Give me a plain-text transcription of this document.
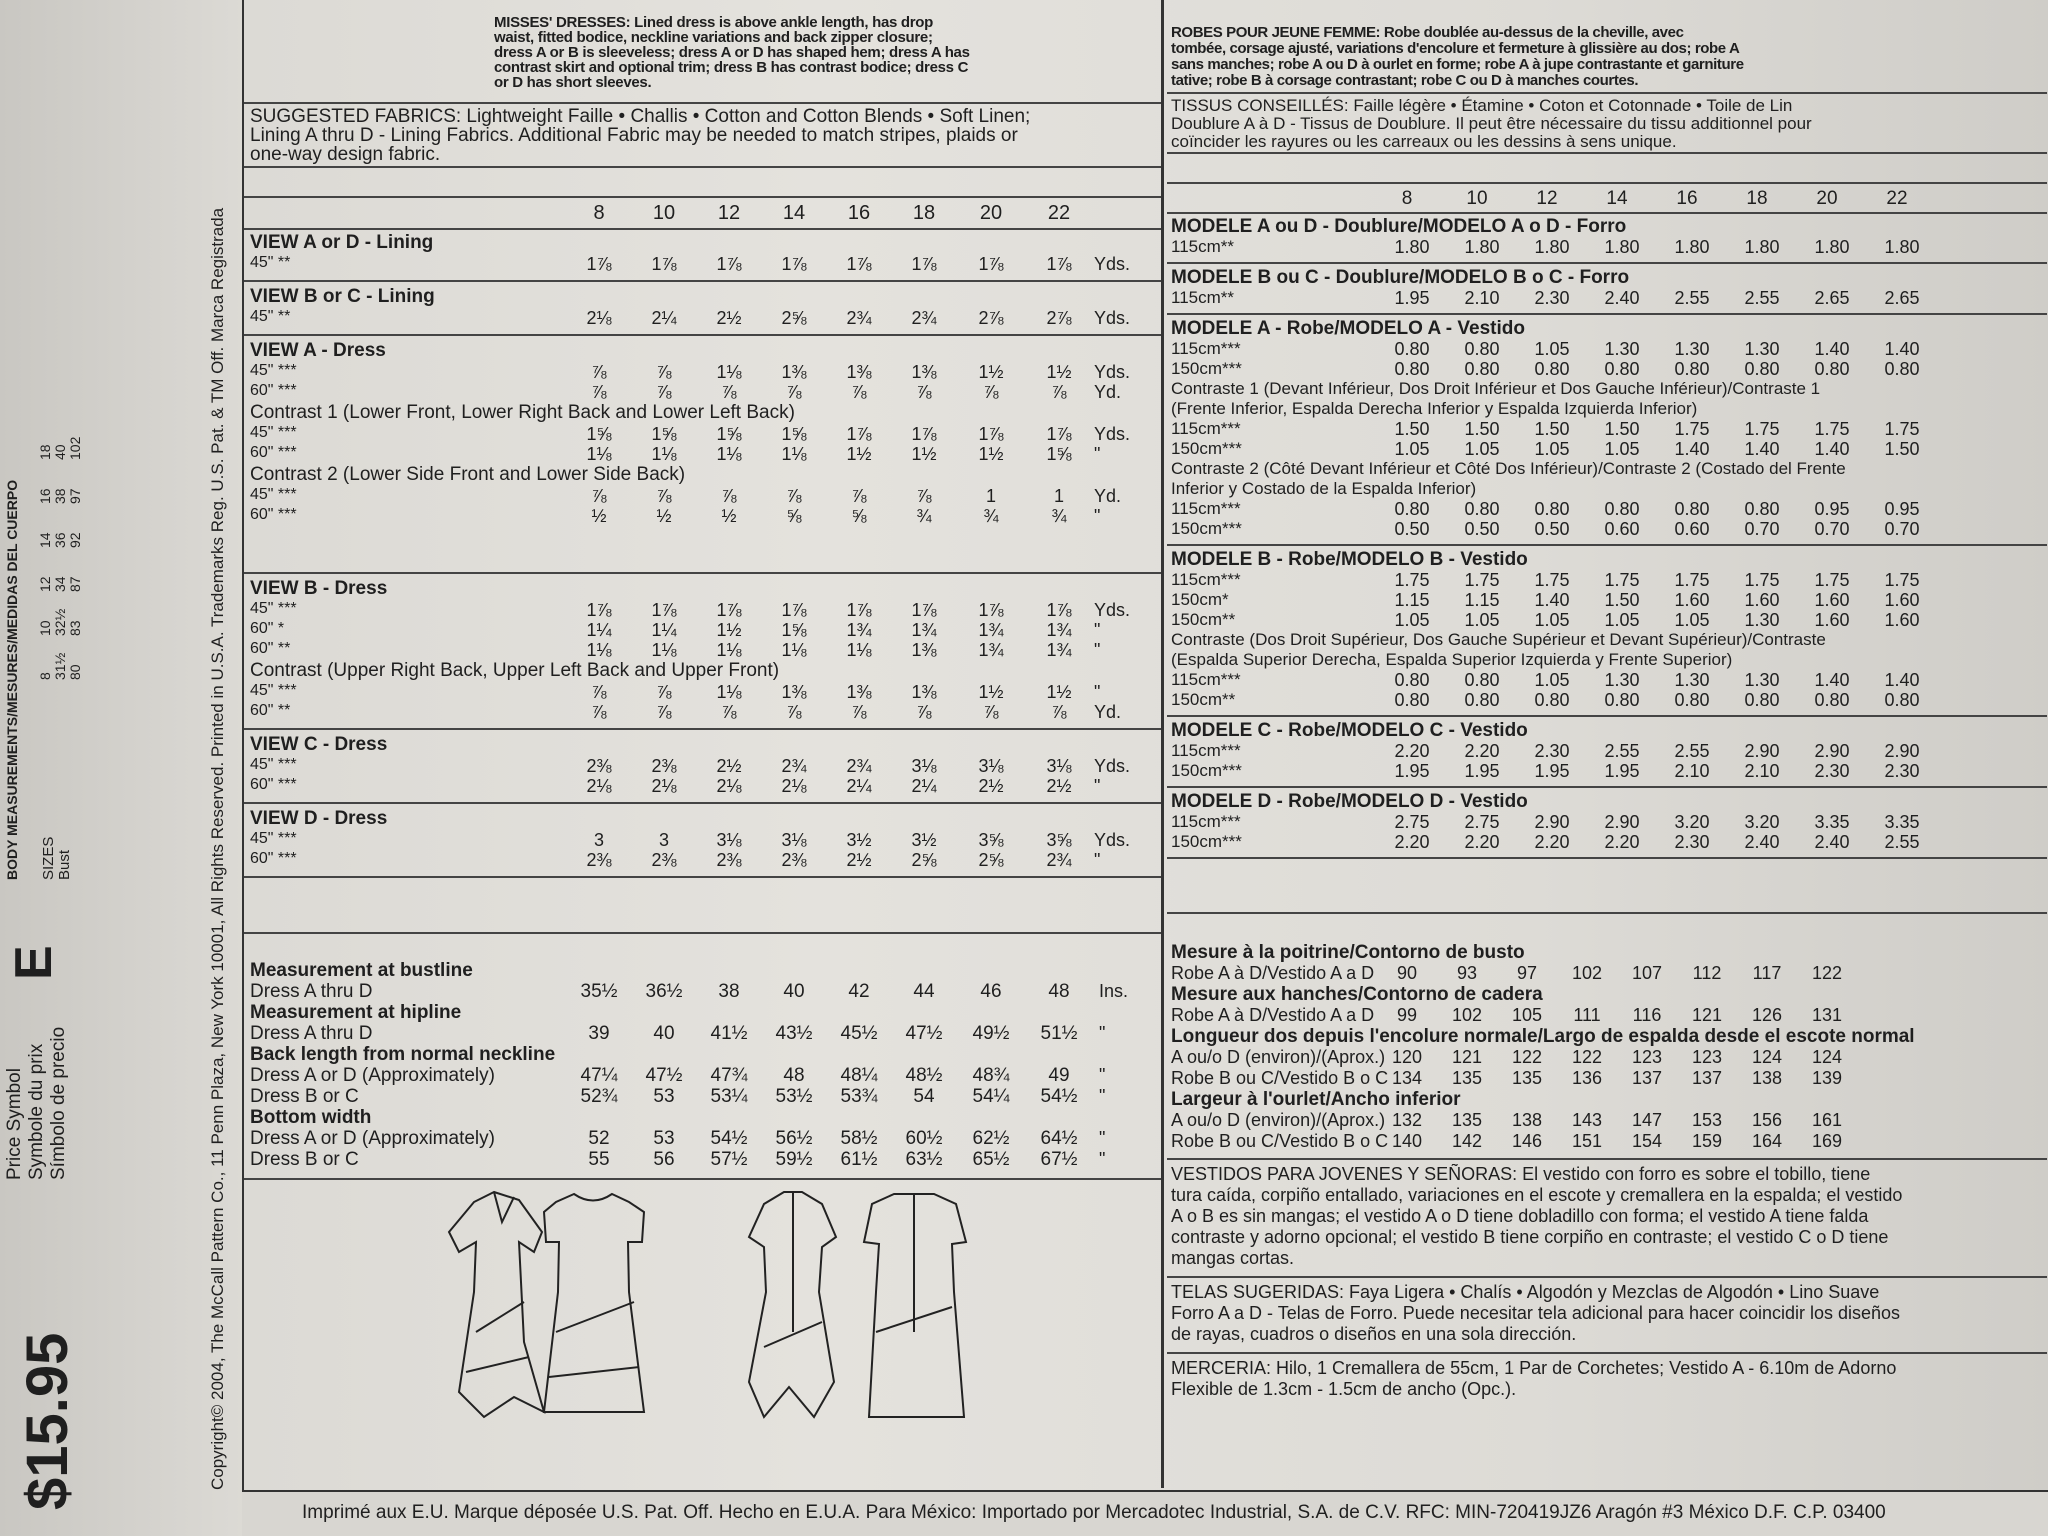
$15.95
Price Symbol Symbole du prix Símbolo de precio
E
BODY MEASUREMENTS/MESURES/MEDIDAS DEL CUERPO SIZES Bust
8 31½ 80
10 32½ 83
12 34 87
14 36 92
16 38 97
18 40 102	Copyright© 2004, The McCall Pattern Co., 11 Penn Plaza, New York 10001, All Rights Reserved. Printed in U.S.A. Trademarks Reg. U.S. Pat. & TM Off. Marca Registrada
MISSES' DRESSES: Lined dress is above ankle length, has drop
waist, fitted bodice, neckline variations and back zipper closure;
dress A or B is sleeveless; dress A or D has shaped hem; dress A has
contrast skirt and optional trim; dress B has contrast bodice; dress C
or D has short sleeves.
SUGGESTED FABRICS: Lightweight Faille • Challis • Cotton and Cotton Blends • Soft Linen;
Lining A thru D - Lining Fabrics. Additional Fabric may be needed to match stripes, plaids or
one-way design fabric.
8	10	12	14	16	18	20	22
VIEW A or D - Lining
45" **	1⅞	1⅞	1⅞	1⅞	1⅞	1⅞	1⅞	1⅞	Yds.
VIEW B or C - Lining
45" **	2⅛	2¼	2½	2⅝	2¾	2¾	2⅞	2⅞	Yds.
VIEW A - Dress
45" ***	⅞	⅞	1⅛	1⅜	1⅜	1⅜	1½	1½	Yds.
60" ***	⅞	⅞	⅞	⅞	⅞	⅞	⅞	⅞	Yd.
Contrast 1 (Lower Front, Lower Right Back and Lower Left Back)
45" ***	1⅝	1⅝	1⅝	1⅝	1⅞	1⅞	1⅞	1⅞	Yds.
60" ***	1⅛	1⅛	1⅛	1⅛	1½	1½	1½	1⅝	"
Contrast 2 (Lower Side Front and Lower Side Back)
45" ***	⅞	⅞	⅞	⅞	⅞	⅞	1	1	Yd.
60" ***	½	½	½	⅝	⅝	¾	¾	¾	"
VIEW B - Dress
45" ***	1⅞	1⅞	1⅞	1⅞	1⅞	1⅞	1⅞	1⅞	Yds.
60" *	1¼	1¼	1½	1⅝	1¾	1¾	1¾	1¾	"
60" **	1⅛	1⅛	1⅛	1⅛	1⅛	1⅜	1¾	1¾	"
Contrast (Upper Right Back, Upper Left Back and Upper Front)
45" ***	⅞	⅞	1⅛	1⅜	1⅜	1⅜	1½	1½	"
60" **	⅞	⅞	⅞	⅞	⅞	⅞	⅞	⅞	Yd.
VIEW C - Dress
45" ***	2⅜	2⅜	2½	2¾	2¾	3⅛	3⅛	3⅛	Yds.
60" ***	2⅛	2⅛	2⅛	2⅛	2¼	2¼	2½	2½	"
VIEW D - Dress
45" ***	3	3	3⅛	3⅛	3½	3½	3⅝	3⅝	Yds.
60" ***	2⅜	2⅜	2⅜	2⅜	2½	2⅝	2⅝	2¾	"
Measurement at bustline
Dress A thru D	35½	36½	38	40	42	44	46	48	Ins.
Measurement at hipline
Dress A thru D	39	40	41½	43½	45½	47½	49½	51½	"
Back length from normal neckline
Dress A or D (Approximately)	47¼	47½	47¾	48	48¼	48½	48¾	49	"
Dress B or C	52¾	53	53¼	53½	53¾	54	54¼	54½	"
Bottom width
Dress A or D (Approximately)	52	53	54½	56½	58½	60½	62½	64½	"
Dress B or C	55	56	57½	59½	61½	63½	65½	67½	"
ROBES POUR JEUNE FEMME: Robe doublée au-dessus de la cheville, avec
tombée, corsage ajusté, variations d'encolure et fermeture à glissière au dos; robe A
sans manches; robe A ou D à ourlet en forme; robe A à jupe contrastante et garniture
tative; robe B à corsage contrastant; robe C ou D à manches courtes.
TISSUS CONSEILLÉS: Faille légère • Étamine • Coton et Cotonnade • Toile de Lin
Doublure A à D - Tissus de Doublure. Il peut être nécessaire du tissu additionnel pour
coïncider les rayures ou les carreaux ou les dessins à sens unique.
8	10	12	14	16	18	20	22
MODELE A ou D - Doublure/MODELO A o D - Forro
115cm**	1.80	1.80	1.80	1.80	1.80	1.80	1.80	1.80
MODELE B ou C - Doublure/MODELO B o C - Forro
115cm**	1.95	2.10	2.30	2.40	2.55	2.55	2.65	2.65
MODELE A - Robe/MODELO A - Vestido
115cm***	0.80	0.80	1.05	1.30	1.30	1.30	1.40	1.40
150cm***	0.80	0.80	0.80	0.80	0.80	0.80	0.80	0.80
Contraste 1 (Devant Inférieur, Dos Droit Inférieur et Dos Gauche Inférieur)/Contraste 1
(Frente Inferior, Espalda Derecha Inferior y Espalda Izquierda Inferior)
115cm***	1.50	1.50	1.50	1.50	1.75	1.75	1.75	1.75
150cm***	1.05	1.05	1.05	1.05	1.40	1.40	1.40	1.50
Contraste 2 (Côté Devant Inférieur et Côté Dos Inférieur)/Contraste 2 (Costado del Frente
Inferior y Costado de la Espalda Inferior)
115cm***	0.80	0.80	0.80	0.80	0.80	0.80	0.95	0.95
150cm***	0.50	0.50	0.50	0.60	0.60	0.70	0.70	0.70
MODELE B - Robe/MODELO B - Vestido
115cm***	1.75	1.75	1.75	1.75	1.75	1.75	1.75	1.75
150cm*	1.15	1.15	1.40	1.50	1.60	1.60	1.60	1.60
150cm**	1.05	1.05	1.05	1.05	1.05	1.30	1.60	1.60
Contraste (Dos Droit Supérieur, Dos Gauche Supérieur et Devant Supérieur)/Contraste
(Espalda Superior Derecha, Espalda Superior Izquierda y Frente Superior)
115cm***	0.80	0.80	1.05	1.30	1.30	1.30	1.40	1.40
150cm**	0.80	0.80	0.80	0.80	0.80	0.80	0.80	0.80
MODELE C - Robe/MODELO C - Vestido
115cm***	2.20	2.20	2.30	2.55	2.55	2.90	2.90	2.90
150cm***	1.95	1.95	1.95	1.95	2.10	2.10	2.30	2.30
MODELE D - Robe/MODELO D - Vestido
115cm***	2.75	2.75	2.90	2.90	3.20	3.20	3.35	3.35
150cm***	2.20	2.20	2.20	2.20	2.30	2.40	2.40	2.55
Mesure à la poitrine/Contorno de busto
Robe A à D/Vestido A a D	90	93	97	102	107	112	117	122
Mesure aux hanches/Contorno de cadera
Robe A à D/Vestido A a D	99	102	105	111	116	121	126	131
Longueur dos depuis l'encolure normale/Largo de espalda desde el escote normal
A ou/o D (environ)/(Aprox.) 120	121	122	122	123	123	124	124
Robe B ou C/Vestido B o C 134	135	135	136	137	137	138	139
Largeur à l'ourlet/Ancho inferior
A ou/o D (environ)/(Aprox.) 132	135	138	143	147	153	156	161
Robe B ou C/Vestido B o C 140	142	146	151	154	159	164	169
VESTIDOS PARA JOVENES Y SEÑORAS: El vestido con forro es sobre el tobillo, tiene
tura caída, corpiño entallado, variaciones en el escote y cremallera en la espalda; el vestido
A o B es sin mangas; el vestido A o D tiene dobladillo con forma; el vestido A tiene falda
contraste y adorno opcional; el vestido B tiene corpiño en contraste; el vestido C o D tiene
mangas cortas.
TELAS SUGERIDAS: Faya Ligera • Chalís • Algodón y Mezclas de Algodón • Lino Suave
Forro A a D - Telas de Forro. Puede necesitar tela adicional para hacer coincidir los diseños
de rayas, cuadros o diseños en una sola dirección.
MERCERIA: Hilo, 1 Cremallera de 55cm, 1 Par de Corchetes; Vestido A - 6.10m de Adorno
Flexible de 1.3cm - 1.5cm de ancho (Opc.).
Imprimé aux E.U. Marque déposée U.S. Pat. Off. Hecho en E.U.A. Para México: Importado por Mercadotec Industrial, S.A. de C.V. RFC: MIN-720419JZ6 Aragón #3 México D.F. C.P. 03400
